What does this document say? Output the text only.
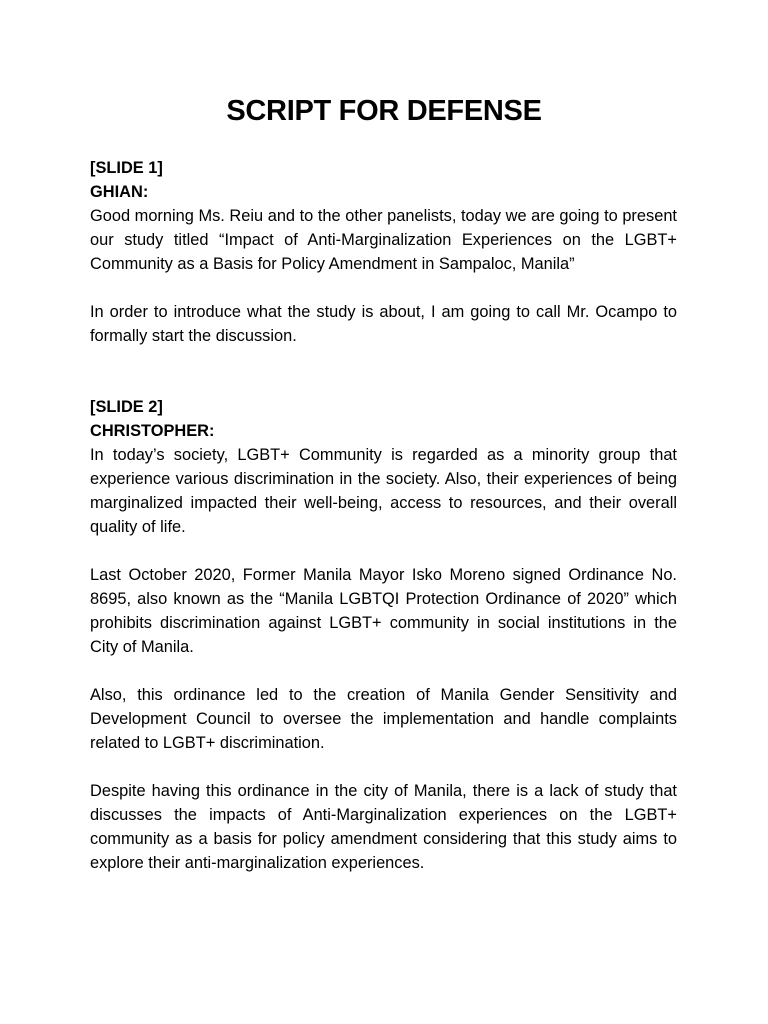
SCRIPT FOR DEFENSE
[SLIDE 1]
GHIAN:

Good morning Ms. Reiu and to the other panelists, today we are going to present our study titled “Impact of Anti-Marginalization Experiences on the LGBT+ Community as a Basis for Policy Amendment in Sampaloc, Manila”

In order to introduce what the study is about, I am going to call Mr. Ocampo to formally start the discussion.

[SLIDE 2]
CHRISTOPHER:

In today’s society, LGBT+ Community is regarded as a minority group that experience various discrimination in the society. Also, their experiences of being marginalized impacted their well-being, access to resources, and their overall quality of life.

Last October 2020, Former Manila Mayor Isko Moreno signed Ordinance No. 8695, also known as the “Manila LGBTQI Protection Ordinance of 2020” which prohibits discrimination against LGBT+ community in social institutions in the City of Manila.

Also, this ordinance led to the creation of Manila Gender Sensitivity and Development Council to oversee the implementation and handle complaints related to LGBT+ discrimination.

Despite having this ordinance in the city of Manila, there is a lack of study that discusses the impacts of Anti-Marginalization experiences on the LGBT+ community as a basis for policy amendment considering that this study aims to explore their anti-marginalization experiences.
